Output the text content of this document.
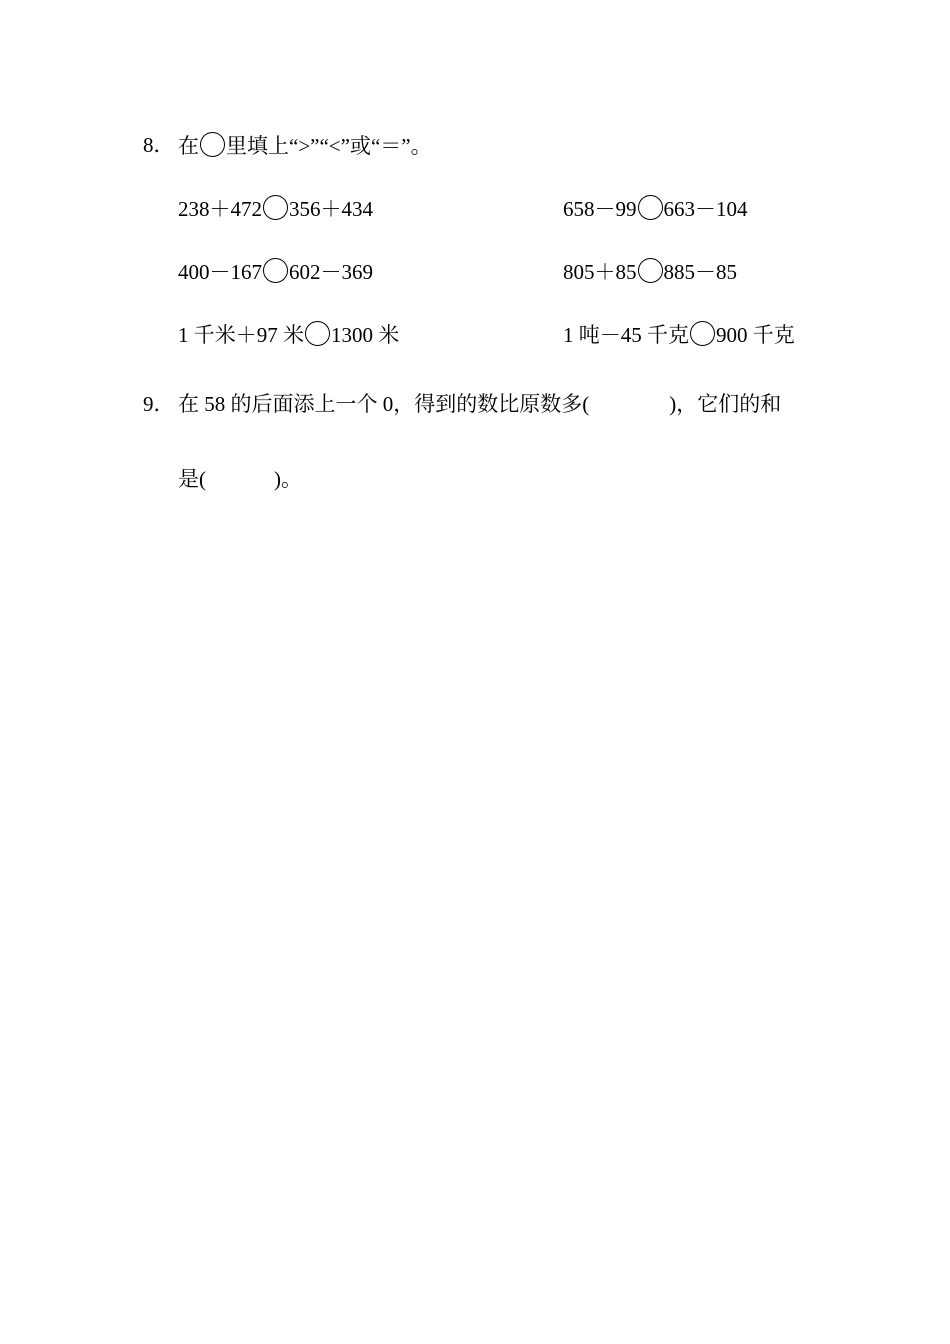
8． 在 里填上“>”“<”或“＝”。
238＋472 356＋434	658－99 663－104
400－167 602－369	805＋85 885－85
1 千米＋97 米 1300 米	1 吨－45 千克 900 千克
9． 在 58 的后面添上一个 0，得到的数比原数多(	)，它们的和
是(	)。
